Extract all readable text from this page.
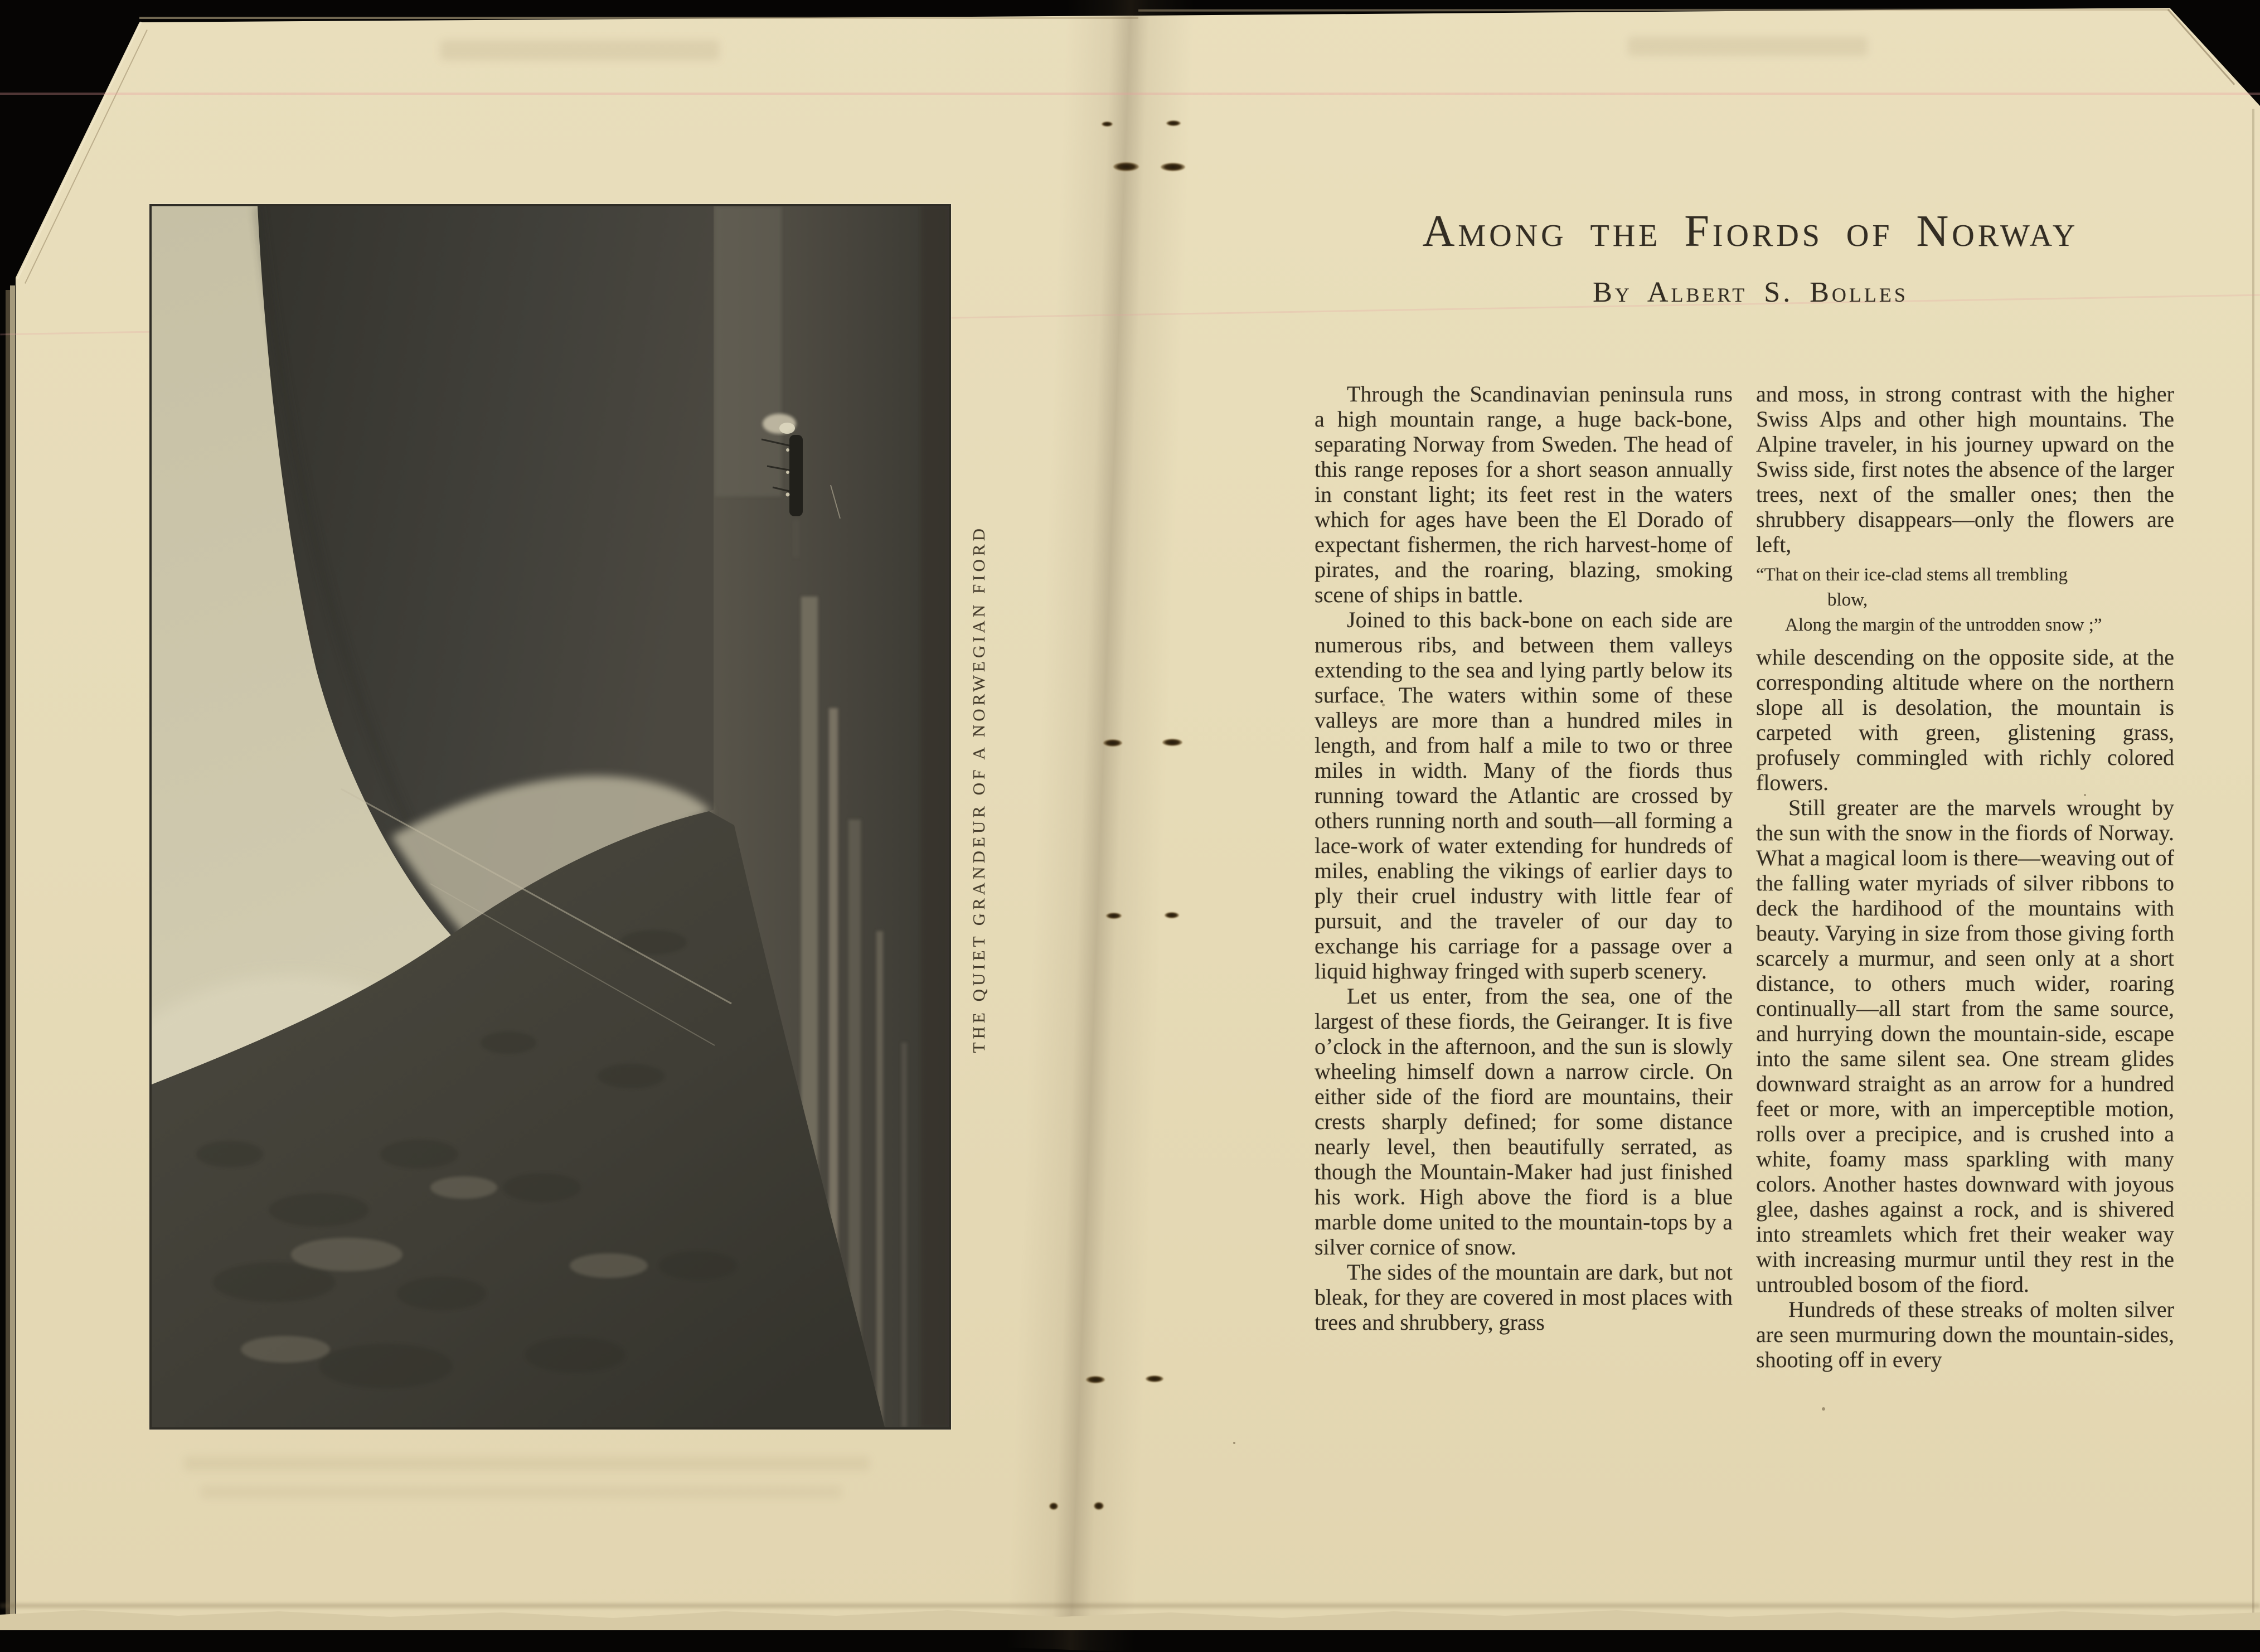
THE QUIET GRANDEUR OF A NORWEGIAN FIORD
Among the Fiords of Norway
By Albert S. Bolles

Through the Scandinavian peninsula runs a high mountain range, a huge back-bone, separating Norway from Sweden. The head of this range reposes for a short season annually in constant light; its feet rest in the waters which for ages have been the El Dorado of expectant fishermen, the rich harvest-home of pirates, and the roaring, blazing, smoking scene of ships in battle.

Joined to this back-bone on each side are numerous ribs, and between them valleys extending to the sea and lying partly below its surface. The waters within some of these valleys are more than a hundred miles in length, and from half a mile to two or three miles in width. Many of the fiords thus running toward the Atlantic are crossed by others running north and south—all forming a lace-work of water extending for hundreds of miles, enabling the vikings of earlier days to ply their cruel industry with little fear of pursuit, and the traveler of our day to exchange his carriage for a passage over a liquid highway fringed with superb scenery.

Let us enter, from the sea, one of the largest of these fiords, the Geiranger. It is five o’clock in the afternoon, and the sun is slowly wheeling himself down a narrow circle. On either side of the fiord are mountains, their crests sharply defined; for some distance nearly level, then beautifully serrated, as though the Mountain-Maker had just finished his work. High above the fiord is a blue marble dome united to the mountain-tops by a silver cornice of snow.

The sides of the mountain are dark, but not bleak, for they are covered in most places with trees and shrubbery, grass

and moss, in strong contrast with the higher Swiss Alps and other high mountains. The Alpine traveler, in his journey upward on the Swiss side, first notes the absence of the larger trees, next of the smaller ones; then the shrubbery disappears—only the flowers are left,

“That on their ice-clad stems all trembling
blow,
Along the margin of the untrodden snow ;”

while descending on the opposite side, at the corresponding altitude where on the northern slope all is desolation, the mountain is carpeted with green, glistening grass, profusely commingled with richly colored flowers.

Still greater are the marvels wrought by the sun with the snow in the fiords of Norway. What a magical loom is there—weaving out of the falling water myriads of silver ribbons to deck the hardihood of the mountains with beauty. Varying in size from those giving forth scarcely a murmur, and seen only at a short distance, to others much wider, roaring continually—all start from the same source, and hurrying down the mountain-side, escape into the same silent sea. One stream glides downward straight as an arrow for a hundred feet or more, with an imperceptible motion, rolls over a precipice, and is crushed into a white, foamy mass sparkling with many colors. Another hastes downward with joyous glee, dashes against a rock, and is shivered into streamlets which fret their weaker way with increasing murmur until they rest in the untroubled bosom of the fiord.

Hundreds of these streaks of molten silver are seen murmuring down the mountain-sides, shooting off in every
